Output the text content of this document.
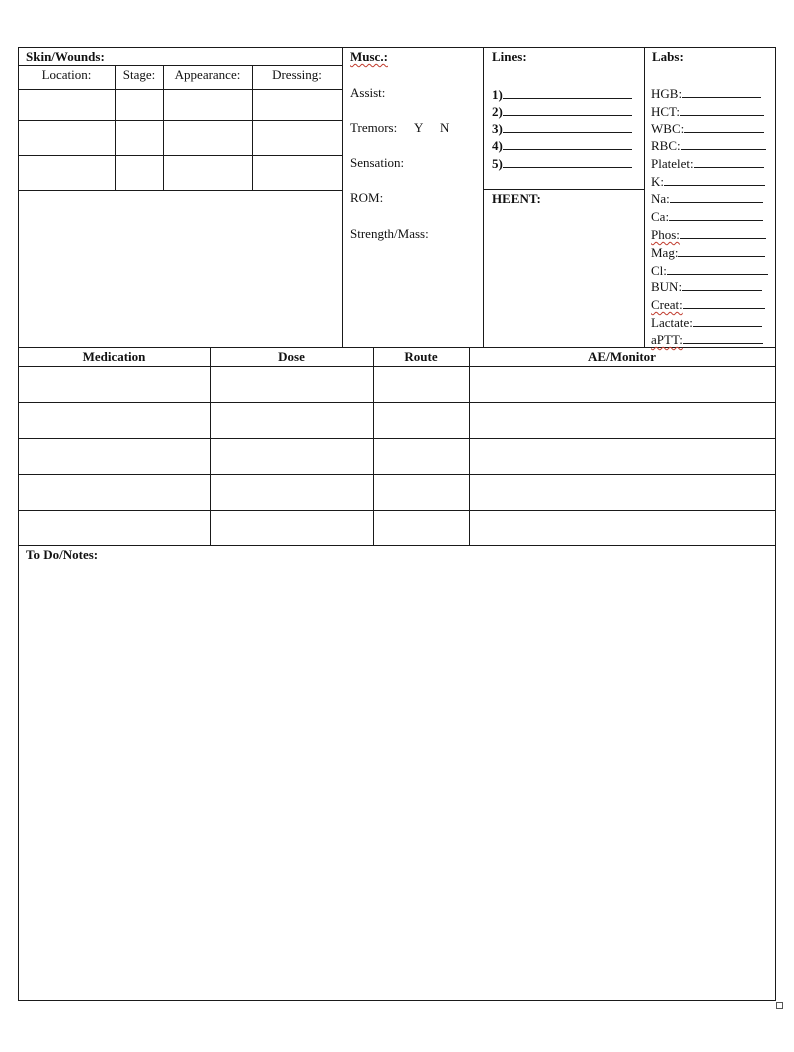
Skin/Wounds:
Location:	Stage:	Appearance:	Dressing:
Musc.:
Assist:
Tremors: Y N
Sensation:
ROM:
Strength/Mass:
Lines:
1)
2)
3)
4)
5)
HEENT:
Labs:
HGB:
HCT:
WBC:
RBC:
Platelet:
K:
Na:
Ca:
Phos:
Mag:
Cl:
BUN:
Creat:
Lactate:
aPTT:
Medication	Dose	Route	AE/Monitor
To Do/Notes:
